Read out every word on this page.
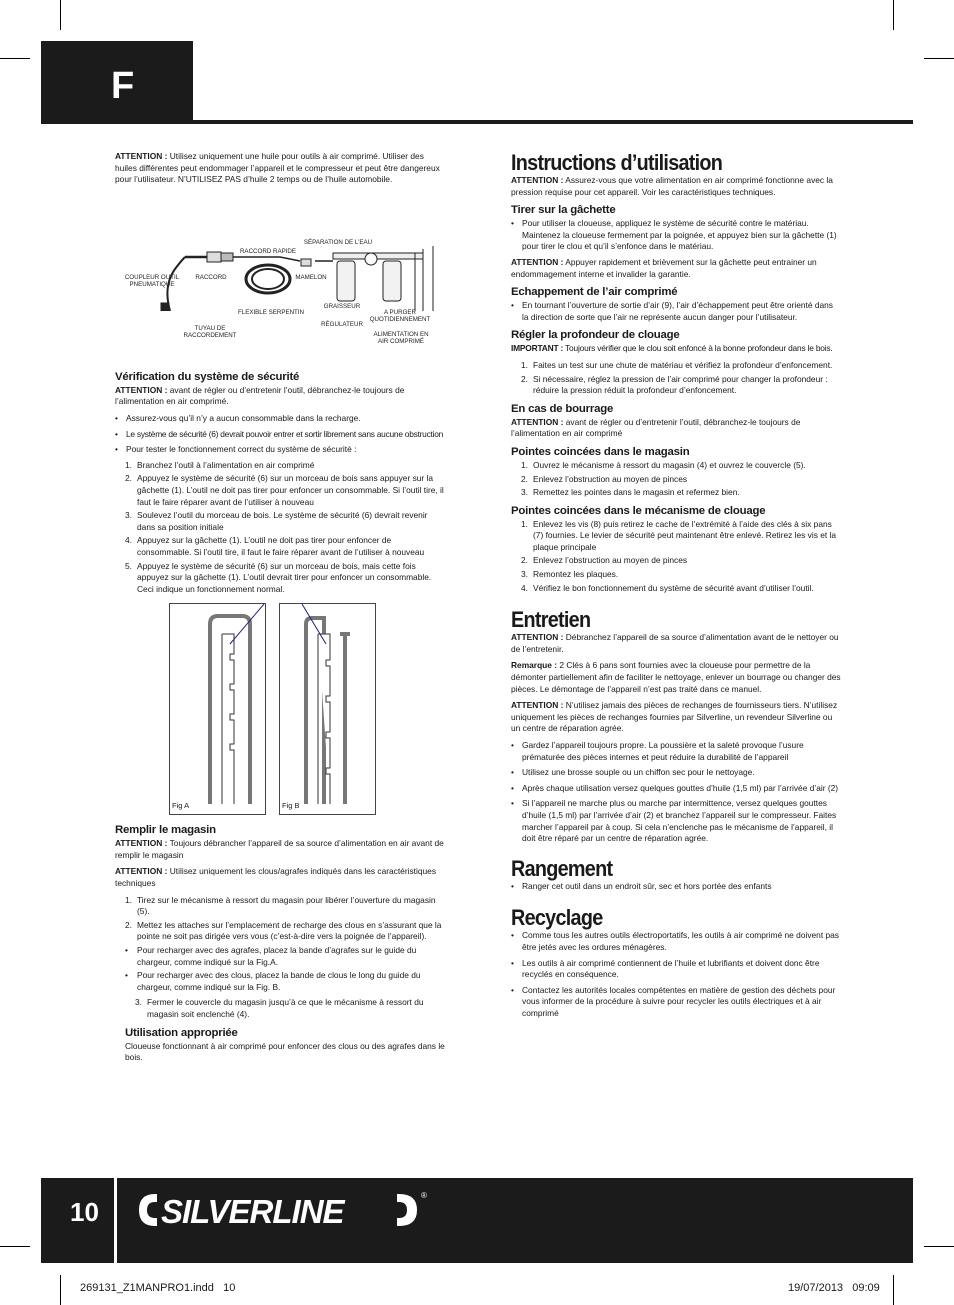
F

ATTENTION : Utilisez uniquement une huile pour outils à air comprimé. Utiliser des huiles différentes peut endommager l’appareil et le compresseur et peut être dangereux pour l’utilisateur. N’UTILISEZ PAS d’huile 2 temps ou de l’huile automobile.

SÉPARATION DE L’EAU
RACCORD RAPIDE
COUPLEUR OUTIL PNEUMATIQUE
RACCORD	MAMELON
GRAISSEUR
A PURGER QUOTIDIENNEMENT
FLEXIBLE SERPENTIN
RÉGULATEUR
TUYAU DE RACCORDEMENT	ALIMENTATION EN AIR COMPRIMÉ
Vérification du système de sécurité

ATTENTION : avant de régler ou d’entretenir l’outil, débranchez-le toujours de l’alimentation en air comprimé.

• Assurez-vous qu’il n’y a aucun consommable dans la recharge.
• Le système de sécurité (6) devrait pouvoir entrer et sortir librement sans aucune obstruction
• Pour tester le fonctionnement correct du système de sécurité :
1. Branchez l’outil à l’alimentation en air comprimé
2. Appuyez le système de sécurité (6) sur un morceau de bois sans appuyer sur la gâchette (1). L’outil ne doit pas tirer pour enfoncer un consommable. Si l’outil tire, il faut le faire réparer avant de l’utiliser à nouveau
3. Soulevez l’outil du morceau de bois. Le système de sécurité (6) devrait revenir dans sa position initiale
4. Appuyez sur la gâchette (1). L’outil ne doit pas tirer pour enfoncer de consommable. Si l’outil tire, il faut le faire réparer avant de l’utiliser à nouveau
5. Appuyez le système de sécurité (6) sur un morceau de bois, mais cette fois appuyez sur la gâchette (1). L’outil devrait tirer pour enfoncer un consommable. Ceci indique un fonctionnement normal.
Fig A	Fig B
Remplir le magasin

ATTENTION : Toujours débrancher l’appareil de sa source d’alimentation en air avant de remplir le magasin

ATTENTION : Utilisez uniquement les clous/agrafes indiqués dans les caractéristiques techniques

1. Tirez sur le mécanisme à ressort du magasin pour libérer l’ouverture du magasin (5).
2. Mettez les attaches sur l’emplacement de recharge des clous en s’assurant que la pointe ne soit pas dirigée vers vous (c’est-à-dire vers la poignée de l’appareil).
• Pour recharger avec des agrafes, placez la bande d’agrafes sur le guide du chargeur, comme indiqué sur la Fig.A.
• Pour recharger avec des clous, placez la bande de clous le long du guide du chargeur, comme indiqué sur la Fig. B.
3. Fermer le couvercle du magasin jusqu’à ce que le mécanisme à ressort du magasin soit enclenché (4).
Utilisation appropriée

Cloueuse fonctionnant à air comprimé pour enfoncer des clous ou des agrafes dans le bois.

Instructions d’utilisation

ATTENTION : Assurez-vous que votre alimentation en air comprimé fonctionne avec la pression requise pour cet appareil. Voir les caractéristiques techniques.

Tirer sur la gâchette
• Pour utiliser la cloueuse, appliquez le système de sécurité contre le matériau. Maintenez la cloueuse fermement par la poignée, et appuyez bien sur la gâchette (1) pour tirer le clou et qu’il s’enfonce dans le matériau.

ATTENTION : Appuyer rapidement et brièvement sur la gâchette peut entrainer un endommagement interne et invalider la garantie.

Echappement de l’air comprimé
• En tournant l’ouverture de sortie d’air (9), l’air d’échappement peut être orienté dans la direction de sorte que l’air ne représente aucun danger pour l’utilisateur.
Régler la profondeur de clouage

IMPORTANT : Toujours vérifier que le clou soit enfoncé à la bonne profondeur dans le bois.

1. Faites un test sur une chute de matériau et vérifiez la profondeur d’enfoncement.
2. Si nécessaire, réglez la pression de l’air comprimé pour changer la profondeur : réduire la pression réduit la profondeur d’enfoncement.
En cas de bourrage

ATTENTION : avant de régler ou d’entretenir l’outil, débranchez-le toujours de l’alimentation en air comprimé

Pointes coincées dans le magasin
1. Ouvrez le mécanisme à ressort du magasin (4) et ouvrez le couvercle (5).
2. Enlevez l’obstruction au moyen de pinces
3. Remettez les pointes dans le magasin et refermez bien.
Pointes coincées dans le mécanisme de clouage
1. Enlevez les vis (8) puis retirez le cache de l’extrémité à l’aide des clés à six pans (7) fournies. Le levier de sécurité peut maintenant être enlevé. Retirez les vis et la plaque principale
2. Enlevez l’obstruction au moyen de pinces
3. Remontez les plaques.
4. Vérifiez le bon fonctionnement du système de sécurité avant d’utiliser l’outil.
Entretien

ATTENTION : Débranchez l’appareil de sa source d’alimentation avant de le nettoyer ou de l’entretenir.

Remarque : 2 Clés à 6 pans sont fournies avec la cloueuse pour permettre de la démonter partiellement afin de faciliter le nettoyage, enlever un bourrage ou changer des pièces. Le démontage de l’appareil n’est pas traité dans ce manuel.

ATTENTION : N’utilisez jamais des pièces de rechanges de fournisseurs tiers. N’utilisez uniquement les pièces de rechanges fournies par Silverline, un revendeur Silverline ou un centre de réparation agrée.

• Gardez l’appareil toujours propre. La poussière et la saleté provoque l’usure prématurée des pièces internes et peut réduire la durabilité de l’appareil
• Utilisez une brosse souple ou un chiffon sec pour le nettoyage.
• Après chaque utilisation versez quelques gouttes d’huile (1,5 ml) par l’arrivée d’air (2)
• Si l’appareil ne marche plus ou marche par intermittence, versez quelques gouttes d’huile (1,5 ml) par l’arrivée d’air (2) et branchez l’appareil sur le compresseur. Faites marcher l’appareil par à coup. Si cela n’enclenche pas le mécanisme de l’appareil, il doit être réparé par un centre de réparation agrée.
Rangement
• Ranger cet outil dans un endroit sûr, sec et hors portée des enfants
Recyclage
• Comme tous les autres outils électroportatifs, les outils à air comprimé ne doivent pas être jetés avec les ordures ménagères.
• Les outils à air comprimé contiennent de l’huile et lubrifiants et doivent donc être recyclés en conséquence.
• Contactez les autorités locales compétentes en matière de gestion des déchets pour vous informer de la procédure à suivre pour recycler les outils électriques et à air comprimé
10 SILVERLINE	®
269131_Z1MANPRO1.indd   10	19/07/2013   09:09
